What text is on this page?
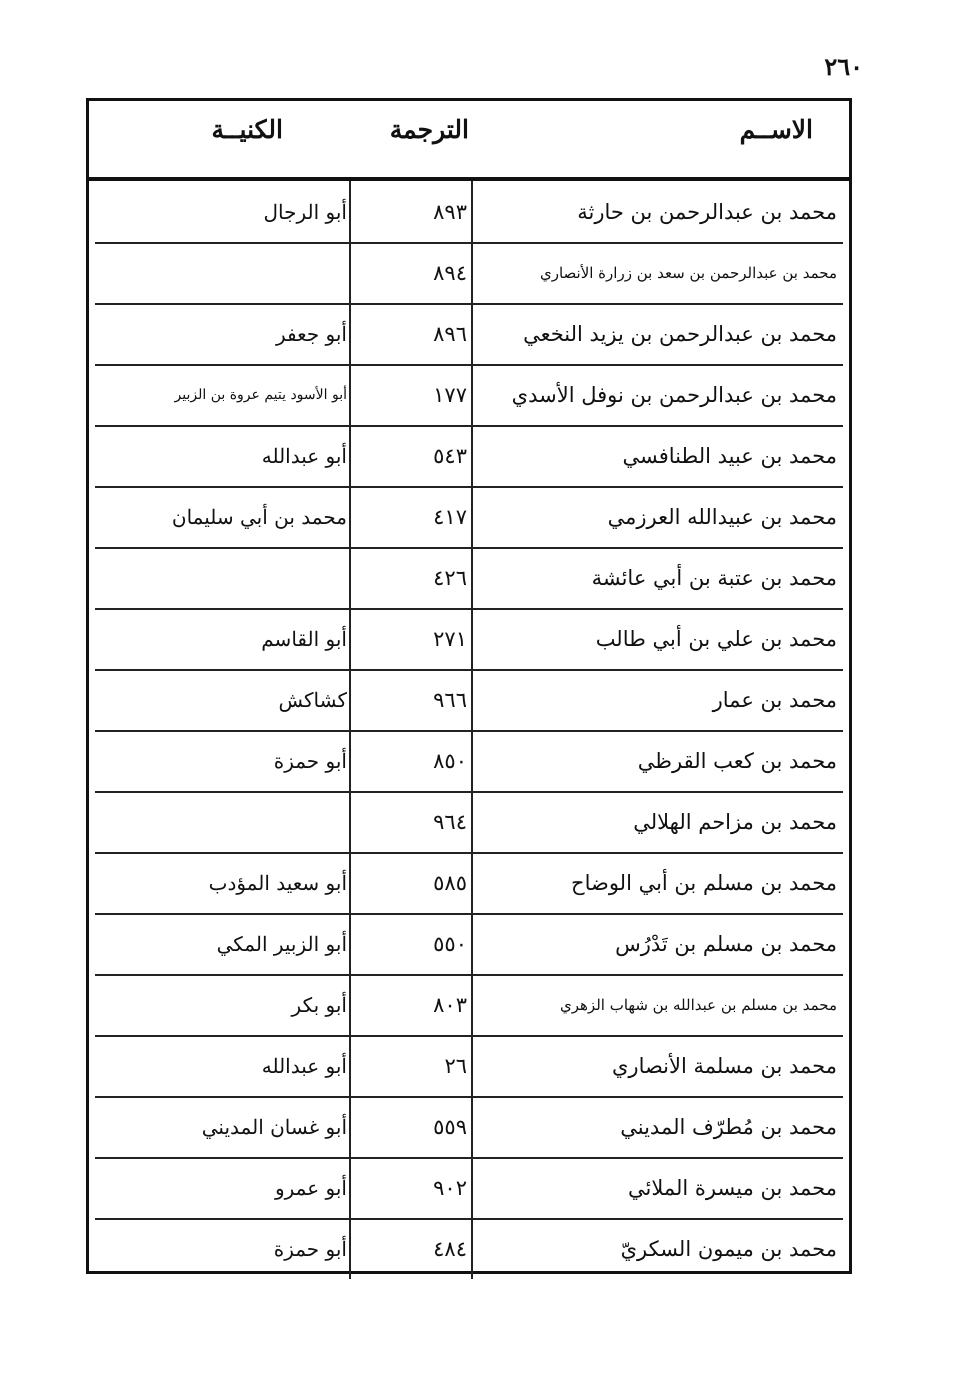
٢٦٠
الاســم
الترجمة
الكنيــة
محمد بن عبدالرحمن بن حارثة
٨٩٣
أبو الرجال
محمد بن عبدالرحمن بن سعد بن زرارة الأنصاري
٨٩٤
محمد بن عبدالرحمن بن يزيد النخعي
٨٩٦
أبو جعفر
محمد بن عبدالرحمن بن نوفل الأسدي
١٧٧
أبو الأسود يتيم عروة بن الزبير
محمد بن عبيد الطنافسي
٥٤٣
أبو عبدالله
محمد بن عبيدالله العرزمي
٤١٧
محمد بن أبي سليمان
محمد بن عتبة بن أبي عائشة
٤٢٦
محمد بن علي بن أبي طالب
٢٧١
أبو القاسم
محمد بن عمار
٩٦٦
كشاكش
محمد بن كعب القرظي
٨٥٠
أبو حمزة
محمد بن مزاحم الهلالي
٩٦٤
محمد بن مسلم بن أبي الوضاح
٥٨٥
أبو سعيد المؤدب
محمد بن مسلم بن تَدْرُس
٥٥٠
أبو الزبير المكي
محمد بن مسلم بن عبدالله بن شهاب الزهري
٨٠٣
أبو بكر
محمد بن مسلمة الأنصاري
٢٦
أبو عبدالله
محمد بن مُطرّف المديني
٥٥٩
أبو غسان المديني
محمد بن ميسرة الملائي
٩٠٢
أبو عمرو
محمد بن ميمون السكريّ
٤٨٤
أبو حمزة
